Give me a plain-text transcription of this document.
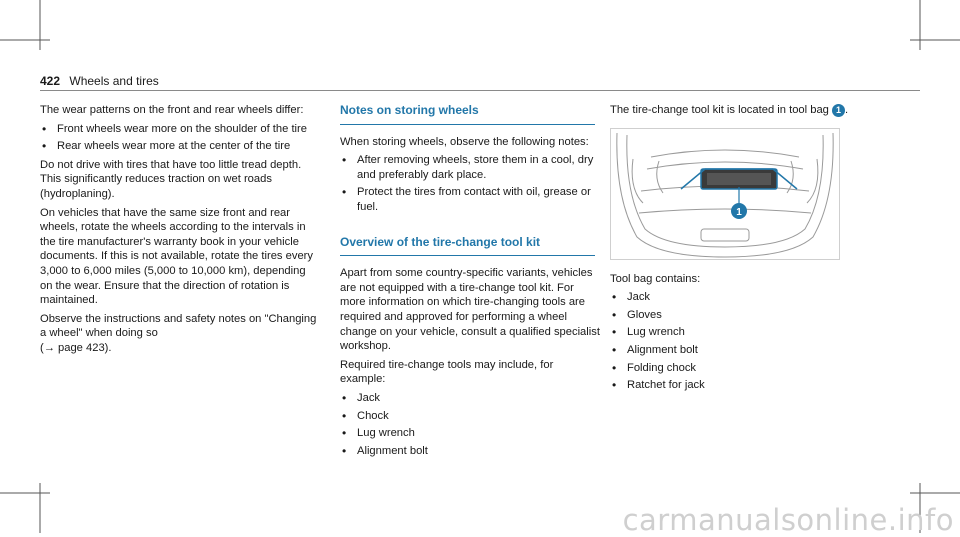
422 Wheels and tires

The wear patterns on the front and rear wheels differ:

• Front wheels wear more on the shoulder of the tire
• Rear wheels wear more at the center of the tire

Do not drive with tires that have too little tread depth. This significantly reduces traction on wet roads (hydroplaning).

On vehicles that have the same size front and rear wheels, rotate the wheels according to the intervals in the tire manufacturer's warranty book in your vehicle documents. If this is not available, rotate the tires every 3,000 to 6,000 miles (5,000 to 10,000 km), depending on the wear. Ensure that the direction of rotation is maintained.

Observe the instructions and safety notes on "Changing a wheel" when doing so
(→ page 423).

Notes on storing wheels

When storing wheels, observe the following notes:

• After removing wheels, store them in a cool, dry and preferably dark place.
• Protect the tires from contact with oil, grease or fuel.
Overview of the tire-change tool kit

Apart from some country-specific variants, vehicles are not equipped with a tire-change tool kit. For more information on which tire-changing tools are required and approved for performing a wheel change on your vehicle, consult a qualified specialist workshop.

Required tire-change tools may include, for example:

• Jack
• Chock
• Lug wrench
• Alignment bolt

The tire-change tool kit is located in tool bag 1 .

1

Tool bag contains:

• Jack
• Gloves
• Lug wrench
• Alignment bolt
• Folding chock
• Ratchet for jack
carmanualsonline.info
